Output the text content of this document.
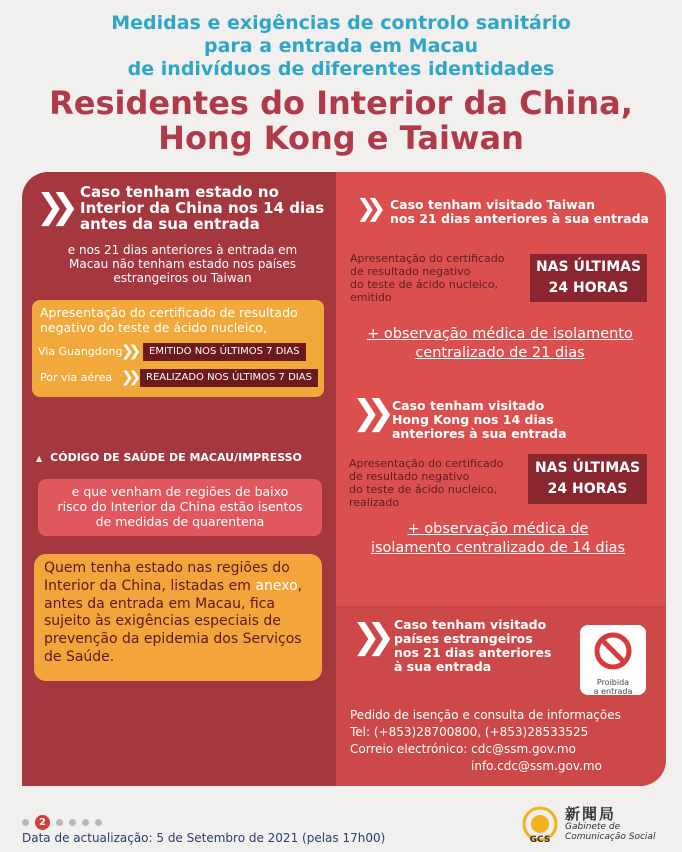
Medidas e exigências de controlo sanitário
para a entrada em Macau
de indivíduos de diferentes identidades
Residentes do Interior da China,
Hong Kong e Taiwan
❯❯ Caso tenham estado no
Interior da China nos 14 dias
antes da sua entrada
e nos 21 dias anteriores à entrada em
Macau não tenham estado nos países
estrangeiros ou Taiwan
Apresentação do certificado de resultado
negativo do teste de ácido nucleico,
Via Guangdong
❯❯	EMITIDO NOS ÚLTIMOS 7 DIAS
Por via aérea ❯❯ REALIZADO NOS ÚLTIMOS 7 DIAS
▲ CÓDIGO DE SAÚDE DE MACAU/IMPRESSO
e que venham de regiões de baixo
risco do Interior da China estão isentos
de medidas de quarentena
Quem tenha estado nas regiões do Interior da China, listadas em anexo, antes da entrada em Macau, fica sujeito às exigências especiais de prevenção da epidemia dos Serviços de Saúde.
❯❯ Caso tenham visitado Taiwan
nos 21 dias anteriores à sua entrada
Apresentação do certificado
de resultado negativo
do teste de ácido nucleico,
emitido
NAS ÚLTIMAS
24 HORAS
+ observação médica de isolamento
centralizado de 21 dias
❯❯ Caso tenham visitado
Hong Kong nos 14 dias
anteriores à sua entrada
Apresentação do certificado
de resultado negativo
do teste de ácido nucleico,
realizado
NAS ÚLTIMAS
24 HORAS
+ observação médica de
isolamento centralizado de 14 dias
❯❯ Caso tenham visitado
países estrangeiros
nos 21 dias anteriores
à sua entrada
Proibida
a entrada
Pedido de isenção e consulta de informações
Tel: (+853)28700800, (+853)28533525
Correio electrónico: cdc@ssm.gov.mo
info.cdc@ssm.gov.mo
2
Data de actualização: 5 de Setembro de 2021 (pelas 17h00)	GCS
新聞局
Gabinete de
Comunicação Social
